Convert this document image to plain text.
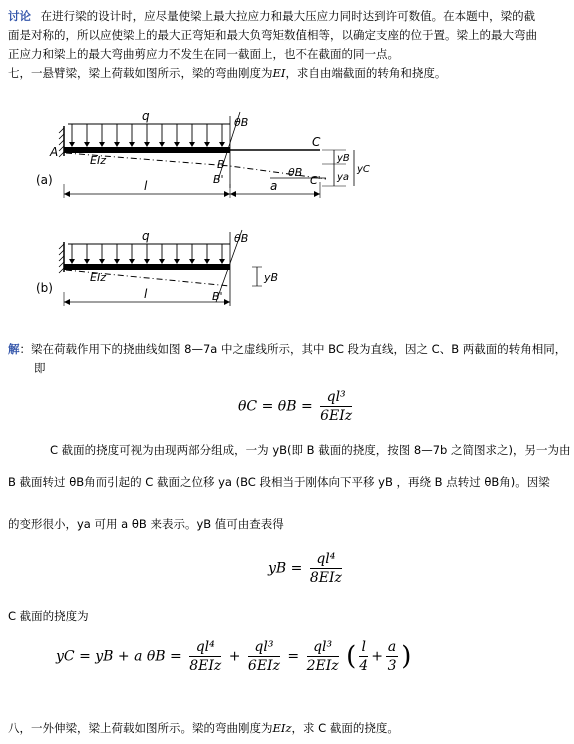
讨论 在进行梁的设计时，应尽量使梁上最大拉应力和最大压应力同时达到许可数值。在本题中，梁的截
面是对称的，所以应使梁上的最大正弯矩和最大负弯矩数值相等，以确定支座的位于置。梁上的最大弯曲
正应力和梁上的最大弯曲剪应力不发生在同一截面上，也不在截面的同一点。
七，一悬臂梁，梁上荷载如图所示，梁的弯曲刚度为EI，求自由端截面的转角和挠度。
q
A
EIz	B
B'
C
C'
θB
θB
yB
ya
yC
(a)	l	a
q
EIz
θB
yB
B'
(b)	l
解：梁在荷载作用下的挠曲线如图 8—7a 中之虚线所示，其中 BC 段为直线，因之 C、B 两截面的转角相同，
即
$\theta C = \theta B = \frac{\text{ql³}}{\text{6EIz}}$
C 截面的挠度可视为由现两部分组成，一为 yB(即 B 截面的挠度，按图 8—7b 之简图求之)，另一为由
B 截面转过 θB角而引起的 C 截面之位移 ya (BC 段相当于刚体向下平移 yB ，再绕 B 点转过 θB角)。因梁
的变形很小，ya 可用 a θB 来表示。yB 值可由查表得
yB = $\frac{\text{ql⁴}}{\text{8EIz}}$
C 截面的挠度为
yC = yB + a $\theta B = \frac{\text{ql⁴}}{\text{8EIz}} + \frac{\text{ql³}}{\text{6EIz}} = \frac{\text{ql³}}{\text{2EIz}}$ ( $\frac{l}{4} + \frac{a}{3}$ )
八，一外伸梁，梁上荷载如图所示。梁的弯曲刚度为EIz，求 C 截面的挠度。
